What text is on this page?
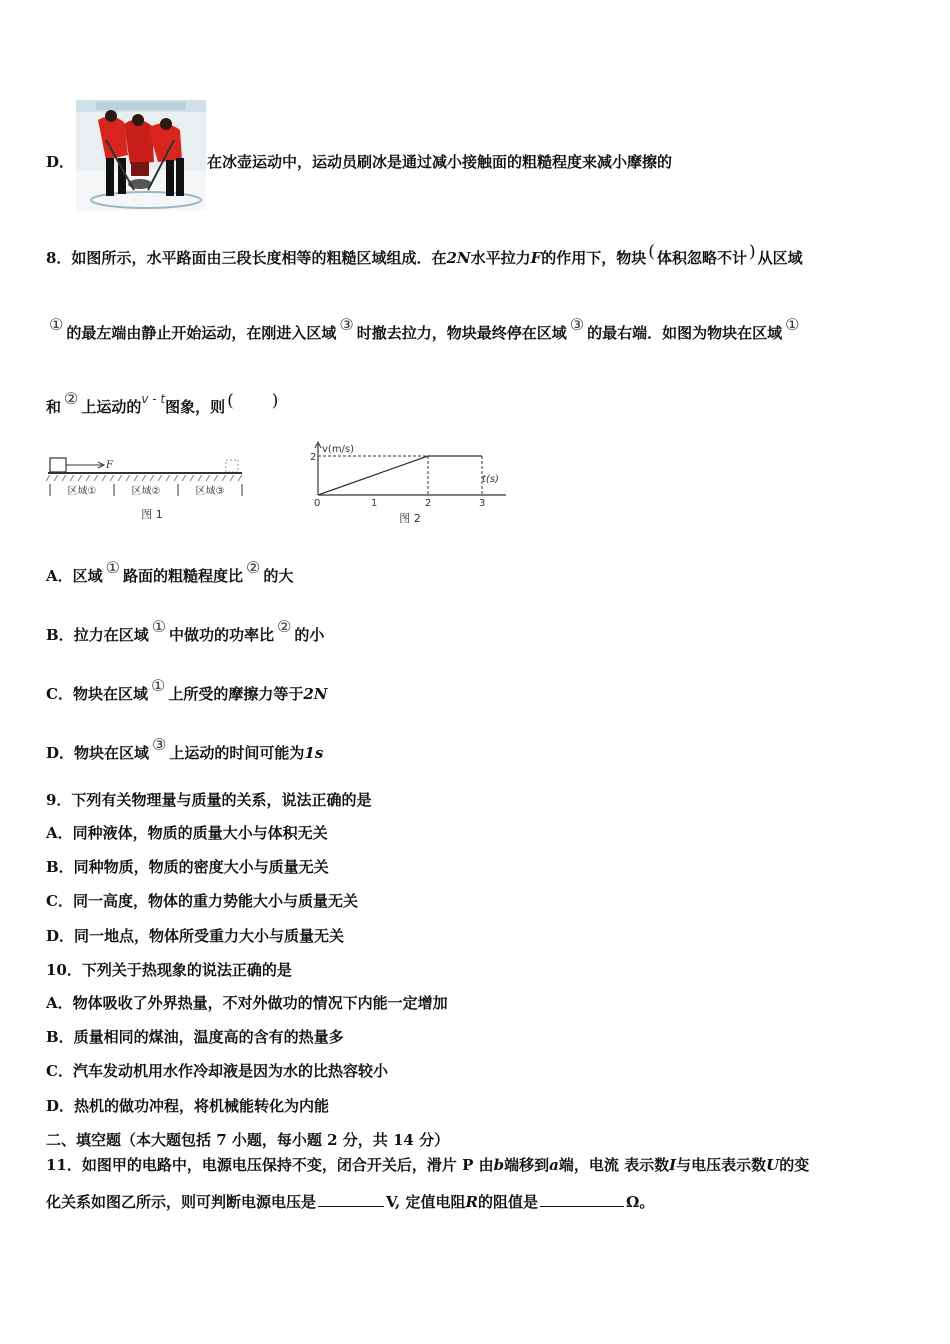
D．	在冰壶运动中，运动员刷冰是通过减小接触面的粗糙程度来减小摩擦的
8．如图所示，水平路面由三段长度相等的粗糙区域组成．在2N水平拉力F的作用下，物块 ( 体积忽略不计 ) 从区域
① 的最左端由静止开始运动，在刚进入区域 ③ 时撤去拉力，物块最终停在区域 ③ 的最右端．如图为物块在区域 ①
和 ② 上运动的$^{v - t}$图象，则 ( )
F
区域①	区域②	区域③
图 1
v(m/s)
2
t(s)
0	1	2	3
图 2
A．区域 ① 路面的粗糙程度比 ② 的大
B．拉力在区域 ① 中做功的功率比 ② 的小
C．物块在区域 ① 上所受的摩擦力等于2N
D．物块在区域 ③ 上运动的时间可能为1s
9．下列有关物理量与质量的关系，说法正确的是
A．同种液体，物质的质量大小与体积无关
B．同种物质，物质的密度大小与质量无关
C．同一高度，物体的重力势能大小与质量无关
D．同一地点，物体所受重力大小与质量无关
10．下列关于热现象的说法正确的是
A．物体吸收了外界热量，不对外做功的情况下内能一定增加
B．质量相同的煤油，温度高的含有的热量多
C．汽车发动机用水作冷却液是因为水的比热容较小
D．热机的做功冲程，将机械能转化为内能
二、填空题（本大题包括 7 小题，每小题 2 分，共 14 分）
11．如图甲的电路中，电源电压保持不变，闭合开关后，滑片 P 由b端移到a端，电流 表示数I与电压表示数U的变
化关系如图乙所示，则可判断电源电压是	V, 定值电阻R的阻值是	Ω。
